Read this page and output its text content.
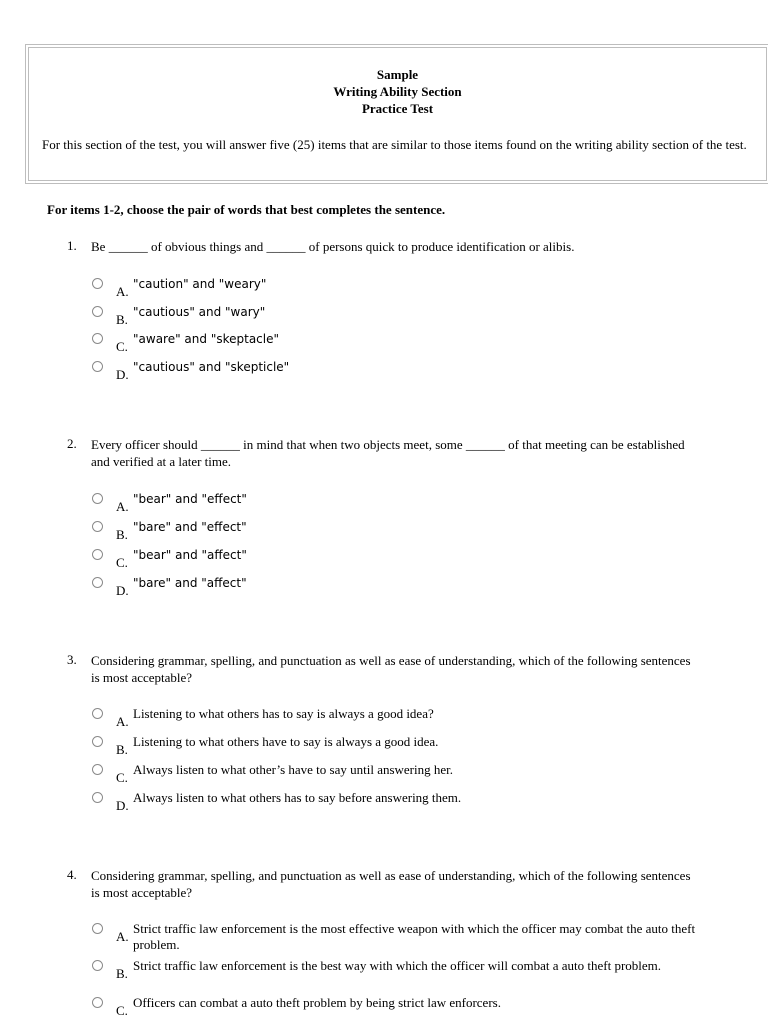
Sample
Writing Ability Section
Practice Test
For this section of the test, you will answer five (25) items that are similar to those items found on the writing ability section of the test.
For items 1-2, choose the pair of words that best completes the sentence.
1. Be ______ of obvious things and ______ of persons quick to produce identification or alibis.
A. "caution" and "weary"
B. "cautious" and "wary"
C. "aware" and "skeptacle"
D. "cautious" and "skepticle"
2. Every officer should ______ in mind that when two objects meet, some ______ of that meeting can be established and verified at a later time.
A. "bear" and "effect"
B. "bare" and "effect"
C. "bear" and "affect"
D. "bare" and "affect"
3. Considering grammar, spelling, and punctuation as well as ease of understanding, which of the following sentences is most acceptable?
A.
Listening to what others has to say is always a good idea?
B.
Listening to what others have to say is always a good idea.
C.
Always listen to what other’s have to say until answering her.
D.
Always listen to what others has to say before answering them.
4. Considering grammar, spelling, and punctuation as well as ease of understanding, which of the following sentences is most acceptable?
A.
Strict traffic law enforcement is the most effective weapon with which the officer may combat the auto theft problem.
B.
Strict traffic law enforcement is the best way with which the officer will combat a auto theft problem.
C.
Officers can combat a auto theft problem by being strict law enforcers.
